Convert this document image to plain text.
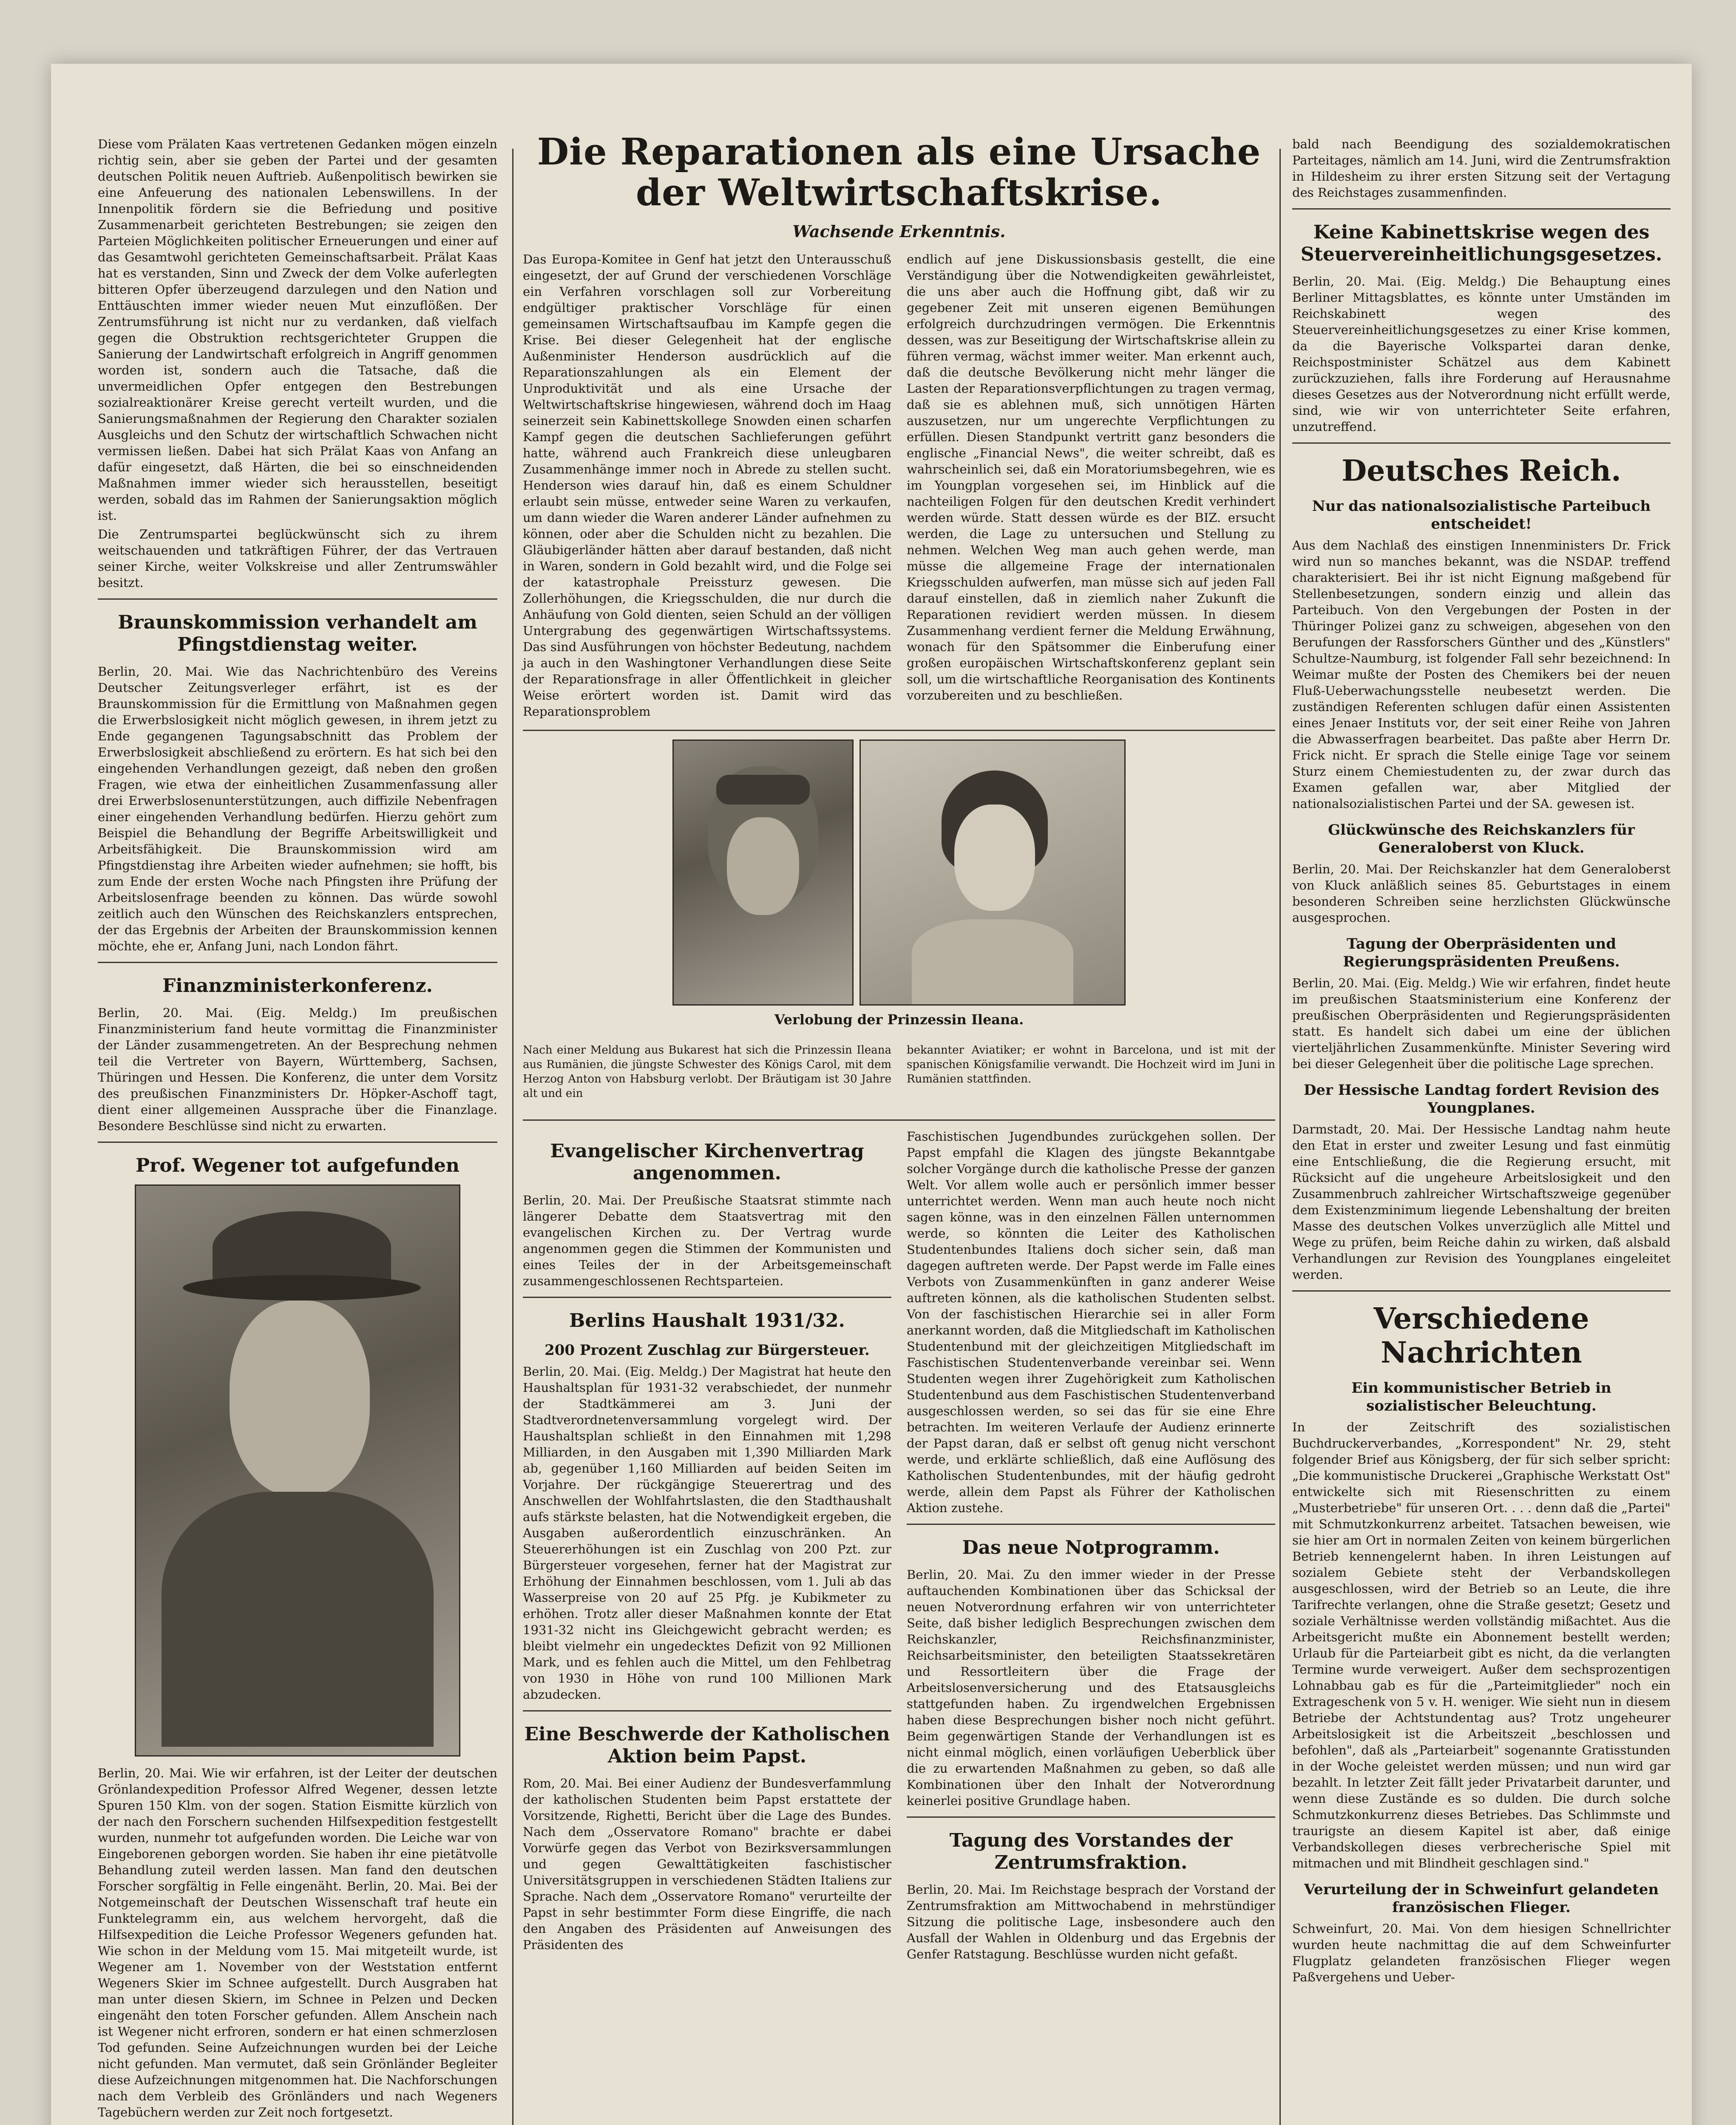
Diese vom Prälaten Kaas vertretenen Gedanken mögen einzeln richtig sein, aber sie geben der Partei und der gesamten deutschen Politik neuen Auftrieb. Außenpolitisch bewirken sie eine Anfeuerung des nationalen Lebenswillens. In der Innenpolitik fördern sie die Befriedung und positive Zusammenarbeit gerichteten Bestrebungen; sie zeigen den Parteien Möglichkeiten politischer Erneuerungen und einer auf das Gesamtwohl gerichteten Gemeinschaftsarbeit. Prälat Kaas hat es verstanden, Sinn und Zweck der dem Volke auferlegten bitteren Opfer überzeugend darzulegen und den Nation und Enttäuschten immer wieder neuen Mut einzuflößen. Der Zentrumsführung ist nicht nur zu verdanken, daß vielfach gegen die Obstruktion rechtsgerichteter Gruppen die Sanierung der Landwirtschaft erfolgreich in Angriff genommen worden ist, sondern auch die Tatsache, daß die unvermeidlichen Opfer entgegen den Bestrebungen sozialreaktionärer Kreise gerecht verteilt wurden, und die Sanierungsmaßnahmen der Regierung den Charakter sozialen Ausgleichs und den Schutz der wirtschaftlich Schwachen nicht vermissen ließen. Dabei hat sich Prälat Kaas von Anfang an dafür eingesetzt, daß Härten, die bei so einschneidenden Maßnahmen immer wieder sich herausstellen, beseitigt werden, sobald das im Rahmen der Sanierungsaktion möglich ist.

Die Zentrumspartei beglückwünscht sich zu ihrem weitschauenden und tatkräftigen Führer, der das Vertrauen seiner Kirche, weiter Volkskreise und aller Zentrumswähler besitzt.

Braunskommission verhandelt am Pfingstdienstag weiter.

Berlin, 20. Mai. Wie das Nachrichtenbüro des Vereins Deutscher Zeitungsverleger erfährt, ist es der Braunskommission für die Ermittlung von Maßnahmen gegen die Erwerbslosigkeit nicht möglich gewesen, in ihrem jetzt zu Ende gegangenen Tagungsabschnitt das Problem der Erwerbslosigkeit abschließend zu erörtern. Es hat sich bei den eingehenden Verhandlungen gezeigt, daß neben den großen Fragen, wie etwa der einheitlichen Zusammenfassung aller drei Erwerbslosenunterstützungen, auch diffizile Nebenfragen einer eingehenden Verhandlung bedürfen. Hierzu gehört zum Beispiel die Behandlung der Begriffe Arbeitswilligkeit und Arbeitsfähigkeit. Die Braunskommission wird am Pfingstdienstag ihre Arbeiten wieder aufnehmen; sie hofft, bis zum Ende der ersten Woche nach Pfingsten ihre Prüfung der Arbeitslosenfrage beenden zu können. Das würde sowohl zeitlich auch den Wünschen des Reichskanzlers entsprechen, der das Ergebnis der Arbeiten der Braunskommission kennen möchte, ehe er, Anfang Juni, nach London fährt.

Finanzministerkonferenz.

Berlin, 20. Mai. (Eig. Meldg.) Im preußischen Finanzministerium fand heute vormittag die Finanzminister der Länder zusammengetreten. An der Besprechung nehmen teil die Vertreter von Bayern, Württemberg, Sachsen, Thüringen und Hessen. Die Konferenz, die unter dem Vorsitz des preußischen Finanzministers Dr. Höpker-Aschoff tagt, dient einer allgemeinen Aussprache über die Finanzlage. Besondere Beschlüsse sind nicht zu erwarten.

Prof. Wegener tot aufgefunden

Berlin, 20. Mai. Wie wir erfahren, ist der Leiter der deutschen Grönlandexpedition Professor Alfred Wegener, dessen letzte Spuren 150 Klm. von der sogen. Station Eismitte kürzlich von der nach den Forschern suchenden Hilfsexpedition festgestellt wurden, nunmehr tot aufgefunden worden. Die Leiche war von Eingeborenen geborgen worden. Sie haben ihr eine pietätvolle Behandlung zuteil werden lassen. Man fand den deutschen Forscher sorgfältig in Felle eingenäht. Berlin, 20. Mai. Bei der Notgemeinschaft der Deutschen Wissenschaft traf heute ein Funktelegramm ein, aus welchem hervorgeht, daß die Hilfsexpedition die Leiche Professor Wegeners gefunden hat. Wie schon in der Meldung vom 15. Mai mitgeteilt wurde, ist Wegener am 1. November von der Weststation entfernt Wegeners Skier im Schnee aufgestellt. Durch Ausgraben hat man unter diesen Skiern, im Schnee in Pelzen und Decken eingenäht den toten Forscher gefunden. Allem Anschein nach ist Wegener nicht erfroren, sondern er hat einen schmerzlosen Tod gefunden. Seine Aufzeichnungen wurden bei der Leiche nicht gefunden. Man vermutet, daß sein Grönländer Begleiter diese Aufzeichnungen mitgenommen hat. Die Nachforschungen nach dem Verbleib des Grönländers und nach Wegeners Tagebüchern werden zur Zeit noch fortgesetzt.

Die Reparationen als eine Ursache der Weltwirtschaftskrise.
Wachsende Erkenntnis.

Das Europa-Komitee in Genf hat jetzt den Unterausschuß eingesetzt, der auf Grund der verschiedenen Vorschläge ein Verfahren vorschlagen soll zur Vorbereitung endgültiger praktischer Vorschläge für einen gemeinsamen Wirtschaftsaufbau im Kampfe gegen die Krise. Bei dieser Gelegenheit hat der englische Außenminister Henderson ausdrücklich auf die Reparationszahlungen als ein Element der Unproduktivität und als eine Ursache der Weltwirtschaftskrise hingewiesen, während doch im Haag seinerzeit sein Kabinettskollege Snowden einen scharfen Kampf gegen die deutschen Sachlieferungen geführt hatte, während auch Frankreich diese unleugbaren Zusammenhänge immer noch in Abrede zu stellen sucht. Henderson wies darauf hin, daß es einem Schuldner erlaubt sein müsse, entweder seine Waren zu verkaufen, um dann wieder die Waren anderer Länder aufnehmen zu können, oder aber die Schulden nicht zu bezahlen. Die Gläubigerländer hätten aber darauf bestanden, daß nicht in Waren, sondern in Gold bezahlt wird, und die Folge sei der katastrophale Preissturz gewesen. Die Zollerhöhungen, die Kriegsschulden, die nur durch die Anhäufung von Gold dienten, seien Schuld an der völligen Untergrabung des gegenwärtigen Wirtschaftssystems. Das sind Ausführungen von höchster Bedeutung, nachdem ja auch in den Washingtoner Verhandlungen diese Seite der Reparationsfrage in aller Öffentlichkeit in gleicher Weise erörtert worden ist. Damit wird das Reparationsproblem

endlich auf jene Diskussionsbasis gestellt, die eine Verständigung über die Notwendigkeiten gewährleistet, die uns aber auch die Hoffnung gibt, daß wir zu gegebener Zeit mit unseren eigenen Bemühungen erfolgreich durchzudringen vermögen. Die Erkenntnis dessen, was zur Beseitigung der Wirtschaftskrise allein zu führen vermag, wächst immer weiter. Man erkennt auch, daß die deutsche Bevölkerung nicht mehr länger die Lasten der Reparationsverpflichtungen zu tragen vermag, daß sie es ablehnen muß, sich unnötigen Härten auszusetzen, nur um ungerechte Verpflichtungen zu erfüllen. Diesen Standpunkt vertritt ganz besonders die englische „Financial News", die weiter schreibt, daß es wahrscheinlich sei, daß ein Moratoriumsbegehren, wie es im Youngplan vorgesehen sei, im Hinblick auf die nachteiligen Folgen für den deutschen Kredit verhindert werden würde. Statt dessen würde es der BIZ. ersucht werden, die Lage zu untersuchen und Stellung zu nehmen. Welchen Weg man auch gehen werde, man müsse die allgemeine Frage der internationalen Kriegsschulden aufwerfen, man müsse sich auf jeden Fall darauf einstellen, daß in ziemlich naher Zukunft die Reparationen revidiert werden müssen. In diesem Zusammenhang verdient ferner die Meldung Erwähnung, wonach für den Spätsommer die Einberufung einer großen europäischen Wirtschaftskonferenz geplant sein soll, um die wirtschaftliche Reorganisation des Kontinents vorzubereiten und zu beschließen.

Verlobung der Prinzessin Ileana.

Nach einer Meldung aus Bukarest hat sich die Prinzessin Ileana aus Rumänien, die jüngste Schwester des Königs Carol, mit dem Herzog Anton von Habsburg verlobt. Der Bräutigam ist 30 Jahre alt und ein

bekannter Aviatiker; er wohnt in Barcelona, und ist mit der spanischen Königsfamilie verwandt. Die Hochzeit wird im Juni in Rumänien stattfinden.

Evangelischer Kirchenvertrag angenommen.

Berlin, 20. Mai. Der Preußische Staatsrat stimmte nach längerer Debatte dem Staatsvertrag mit den evangelischen Kirchen zu. Der Vertrag wurde angenommen gegen die Stimmen der Kommunisten und eines Teiles der in der Arbeitsgemeinschaft zusammengeschlossenen Rechtsparteien.

Berlins Haushalt 1931/32.
200 Prozent Zuschlag zur Bürgersteuer.

Berlin, 20. Mai. (Eig. Meldg.) Der Magistrat hat heute den Haushaltsplan für 1931-32 verabschiedet, der nunmehr der Stadtkämmerei am 3. Juni der Stadtverordnetenversammlung vorgelegt wird. Der Haushaltsplan schließt in den Einnahmen mit 1,298 Milliarden, in den Ausgaben mit 1,390 Milliarden Mark ab, gegenüber 1,160 Milliarden auf beiden Seiten im Vorjahre. Der rückgängige Steuerertrag und des Anschwellen der Wohlfahrtslasten, die den Stadthaushalt aufs stärkste belasten, hat die Notwendigkeit ergeben, die Ausgaben außerordentlich einzuschränken. An Steuererhöhungen ist ein Zuschlag von 200 Pzt. zur Bürgersteuer vorgesehen, ferner hat der Magistrat zur Erhöhung der Einnahmen beschlossen, vom 1. Juli ab das Wasserpreise von 20 auf 25 Pfg. je Kubikmeter zu erhöhen. Trotz aller dieser Maßnahmen konnte der Etat 1931-32 nicht ins Gleichgewicht gebracht werden; es bleibt vielmehr ein ungedecktes Defizit von 92 Millionen Mark, und es fehlen auch die Mittel, um den Fehlbetrag von 1930 in Höhe von rund 100 Millionen Mark abzudecken.

Eine Beschwerde der Katholischen Aktion beim Papst.

Rom, 20. Mai. Bei einer Audienz der Bundesverfammlung der katholischen Studenten beim Papst erstattete der Vorsitzende, Righetti, Bericht über die Lage des Bundes. Nach dem „Osservatore Romano" brachte er dabei Vorwürfe gegen das Verbot von Bezirksversammlungen und gegen Gewalttätigkeiten faschistischer Universitätsgruppen in verschiedenen Städten Italiens zur Sprache. Nach dem „Osservatore Romano" verurteilte der Papst in sehr bestimmter Form diese Eingriffe, die nach den Angaben des Präsidenten auf Anweisungen des Präsidenten des

Faschistischen Jugendbundes zurückgehen sollen. Der Papst empfahl die Klagen des jüngste Bekanntgabe solcher Vorgänge durch die katholische Presse der ganzen Welt. Vor allem wolle auch er persönlich immer besser unterrichtet werden. Wenn man auch heute noch nicht sagen könne, was in den einzelnen Fällen unternommen werde, so könnten die Leiter des Katholischen Studentenbundes Italiens doch sicher sein, daß man dagegen auftreten werde. Der Papst werde im Falle eines Verbots von Zusammenkünften in ganz anderer Weise auftreten können, als die katholischen Studenten selbst. Von der faschistischen Hierarchie sei in aller Form anerkannt worden, daß die Mitgliedschaft im Katholischen Studentenbund mit der gleichzeitigen Mitgliedschaft im Faschistischen Studentenverbande vereinbar sei. Wenn Studenten wegen ihrer Zugehörigkeit zum Katholischen Studentenbund aus dem Faschistischen Studentenverband ausgeschlossen werden, so sei das für sie eine Ehre betrachten. Im weiteren Verlaufe der Audienz erinnerte der Papst daran, daß er selbst oft genug nicht verschont werde, und erklärte schließlich, daß eine Auflösung des Katholischen Studentenbundes, mit der häufig gedroht werde, allein dem Papst als Führer der Katholischen Aktion zustehe.

Das neue Notprogramm.

Berlin, 20. Mai. Zu den immer wieder in der Presse auftauchenden Kombinationen über das Schicksal der neuen Notverordnung erfahren wir von unterrichteter Seite, daß bisher lediglich Besprechungen zwischen dem Reichskanzler, Reichsfinanzminister, Reichsarbeitsminister, den beteiligten Staatssekretären und Ressortleitern über die Frage der Arbeitslosenversicherung und des Etatsausgleichs stattgefunden haben. Zu irgendwelchen Ergebnissen haben diese Besprechungen bisher noch nicht geführt. Beim gegenwärtigen Stande der Verhandlungen ist es nicht einmal möglich, einen vorläufigen Ueberblick über die zu erwartenden Maßnahmen zu geben, so daß alle Kombinationen über den Inhalt der Notverordnung keinerlei positive Grundlage haben.

Tagung des Vorstandes der Zentrumsfraktion.

Berlin, 20. Mai. Im Reichstage besprach der Vorstand der Zentrumsfraktion am Mittwochabend in mehrstündiger Sitzung die politische Lage, insbesondere auch den Ausfall der Wahlen in Oldenburg und das Ergebnis der Genfer Ratstagung. Beschlüsse wurden nicht gefaßt.

bald nach Beendigung des sozialdemokratischen Parteitages, nämlich am 14. Juni, wird die Zentrumsfraktion in Hildesheim zu ihrer ersten Sitzung seit der Vertagung des Reichstages zusammenfinden.

Keine Kabinettskrise wegen des Steuervereinheitlichungsgesetzes.

Berlin, 20. Mai. (Eig. Meldg.) Die Behauptung eines Berliner Mittagsblattes, es könnte unter Umständen im Reichskabinett wegen des Steuervereinheitlichungsgesetzes zu einer Krise kommen, da die Bayerische Volkspartei daran denke, Reichspostminister Schätzel aus dem Kabinett zurückzuziehen, falls ihre Forderung auf Herausnahme dieses Gesetzes aus der Notverordnung nicht erfüllt werde, sind, wie wir von unterrichteter Seite erfahren, unzutreffend.

Deutsches Reich.
Nur das nationalsozialistische Parteibuch entscheidet!

Aus dem Nachlaß des einstigen Innenministers Dr. Frick wird nun so manches bekannt, was die NSDAP. treffend charakterisiert. Bei ihr ist nicht Eignung maßgebend für Stellenbesetzungen, sondern einzig und allein das Parteibuch. Von den Vergebungen der Posten in der Thüringer Polizei ganz zu schweigen, abgesehen von den Berufungen der Rassforschers Günther und des „Künstlers" Schultze-Naumburg, ist folgender Fall sehr bezeichnend: In Weimar mußte der Posten des Chemikers bei der neuen Fluß-Ueberwachungsstelle neubesetzt werden. Die zuständigen Referenten schlugen dafür einen Assistenten eines Jenaer Instituts vor, der seit einer Reihe von Jahren die Abwasserfragen bearbeitet. Das paßte aber Herrn Dr. Frick nicht. Er sprach die Stelle einige Tage vor seinem Sturz einem Chemiestudenten zu, der zwar durch das Examen gefallen war, aber Mitglied der nationalsozialistischen Partei und der SA. gewesen ist.

Glückwünsche des Reichskanzlers für Generaloberst von Kluck.

Berlin, 20. Mai. Der Reichskanzler hat dem Generaloberst von Kluck anläßlich seines 85. Geburtstages in einem besonderen Schreiben seine herzlichsten Glückwünsche ausgesprochen.

Tagung der Oberpräsidenten und Regierungspräsidenten Preußens.

Berlin, 20. Mai. (Eig. Meldg.) Wie wir erfahren, findet heute im preußischen Staatsministerium eine Konferenz der preußischen Oberpräsidenten und Regierungspräsidenten statt. Es handelt sich dabei um eine der üblichen vierteljährlichen Zusammenkünfte. Minister Severing wird bei dieser Gelegenheit über die politische Lage sprechen.

Der Hessische Landtag fordert Revision des Youngplanes.

Darmstadt, 20. Mai. Der Hessische Landtag nahm heute den Etat in erster und zweiter Lesung und fast einmütig eine Entschließung, die die Regierung ersucht, mit Rücksicht auf die ungeheure Arbeitslosigkeit und den Zusammenbruch zahlreicher Wirtschaftszweige gegenüber dem Existenzminimum liegende Lebenshaltung der breiten Masse des deutschen Volkes unverzüglich alle Mittel und Wege zu prüfen, beim Reiche dahin zu wirken, daß alsbald Verhandlungen zur Revision des Youngplanes eingeleitet werden.

Verschiedene Nachrichten
Ein kommunistischer Betrieb in sozialistischer Beleuchtung.

In der Zeitschrift des sozialistischen Buchdruckerverbandes, „Korrespondent" Nr. 29, steht folgender Brief aus Königsberg, der für sich selber spricht: „Die kommunistische Druckerei „Graphische Werkstatt Ost" entwickelte sich mit Riesenschritten zu einem „Musterbetriebe" für unseren Ort. . . . denn daß die „Partei" mit Schmutzkonkurrenz arbeitet. Tatsachen beweisen, wie sie hier am Ort in normalen Zeiten von keinem bürgerlichen Betrieb kennengelernt haben. In ihren Leistungen auf sozialem Gebiete steht der Verbandskollegen ausgeschlossen, wird der Betrieb so an Leute, die ihre Tarifrechte verlangen, ohne die Straße gesetzt; Gesetz und soziale Verhältnisse werden vollständig mißachtet. Aus die Arbeitsgericht mußte ein Abonnement bestellt werden; Urlaub für die Parteiarbeit gibt es nicht, da die verlangten Termine wurde verweigert. Außer dem sechsprozentigen Lohnabbau gab es für die „Parteimitglieder" noch ein Extrageschenk von 5 v. H. weniger. Wie sieht nun in diesem Betriebe der Achtstundentag aus? Trotz ungeheurer Arbeitslosigkeit ist die Arbeitszeit „beschlossen und befohlen", daß als „Parteiarbeit" sogenannte Gratisstunden in der Woche geleistet werden müssen; und nun wird gar bezahlt. In letzter Zeit fällt jeder Privatarbeit darunter, und wenn diese Zustände es so dulden. Die durch solche Schmutzkonkurrenz dieses Betriebes. Das Schlimmste und traurigste an diesem Kapitel ist aber, daß einige Verbandskollegen dieses verbrecherische Spiel mit mitmachen und mit Blindheit geschlagen sind."

Verurteilung der in Schweinfurt gelandeten französischen Flieger.

Schweinfurt, 20. Mai. Von dem hiesigen Schnellrichter wurden heute nachmittag die auf dem Schweinfurter Flugplatz gelandeten französischen Flieger wegen Paßvergehens und Ueber-
